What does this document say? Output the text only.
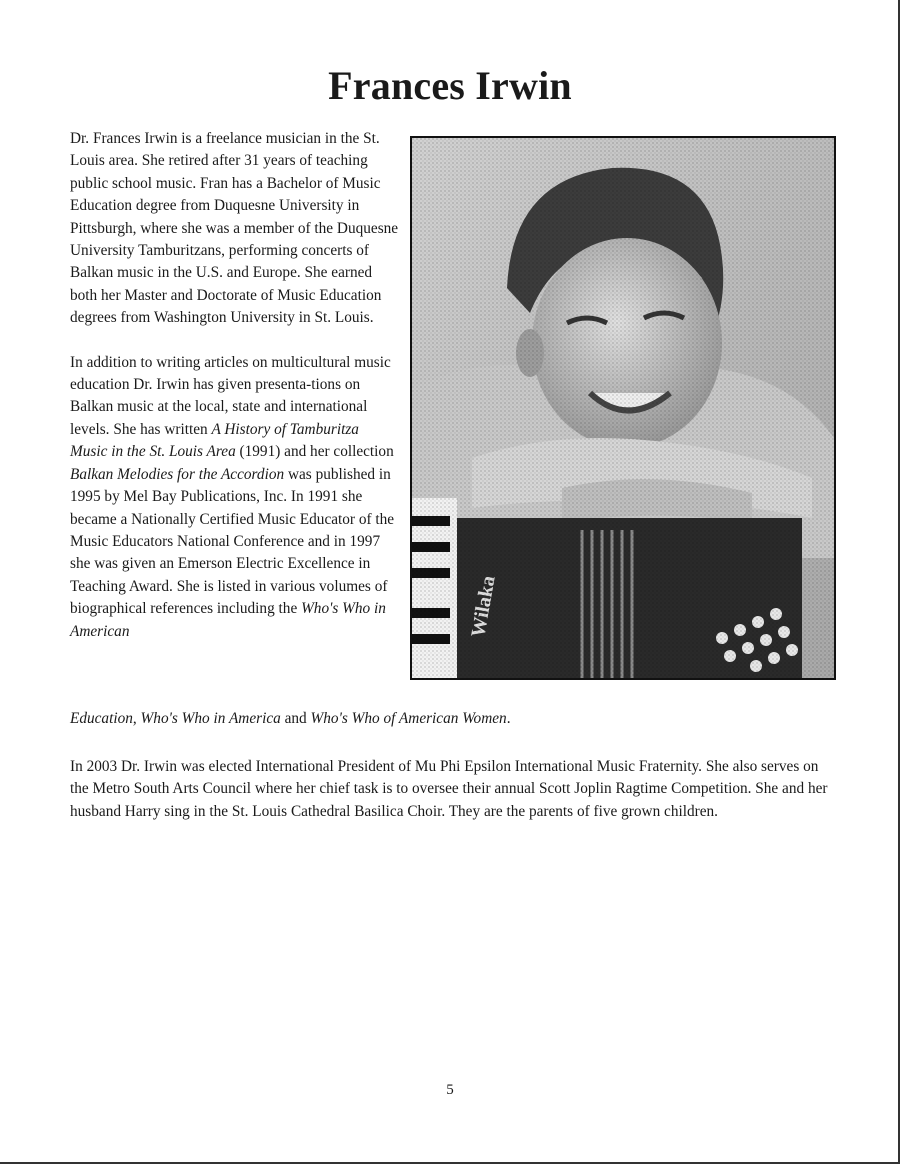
Frances Irwin

Dr. Frances Irwin is a freelance musician in the St. Louis area. She retired after 31 years of teaching public school music. Fran has a Bachelor of Music Education degree from Duquesne University in Pittsburgh, where she was a member of the Duquesne University Tamburitzans, performing concerts of Balkan music in the U.S. and Europe. She earned both her Master and Doctorate of Music Education degrees from Washington University in St. Louis.

In addition to writing articles on multicultural music education Dr. Irwin has given presenta-tions on Balkan music at the local, state and international levels. She has written A History of Tamburitza Music in the St. Louis Area (1991) and her collection Balkan Melodies for the Accordion was published in 1995 by Mel Bay Publications, Inc. In 1991 she became a Nationally Certified Music Educator of the Music Educators National Conference and in 1997 she was given an Emerson Electric Excellence in Teaching Award. She is listed in various volumes of biographical references including the Who's Who in American

Education, Who's Who in America and Who's Who of American Women.

In 2003 Dr. Irwin was elected International President of Mu Phi Epsilon International Music Fraternity. She also serves on the Metro South Arts Council where her chief task is to oversee their annual Scott Joplin Ragtime Competition. She and her husband Harry sing in the St. Louis Cathedral Basilica Choir. They are the parents of five grown children.

5
